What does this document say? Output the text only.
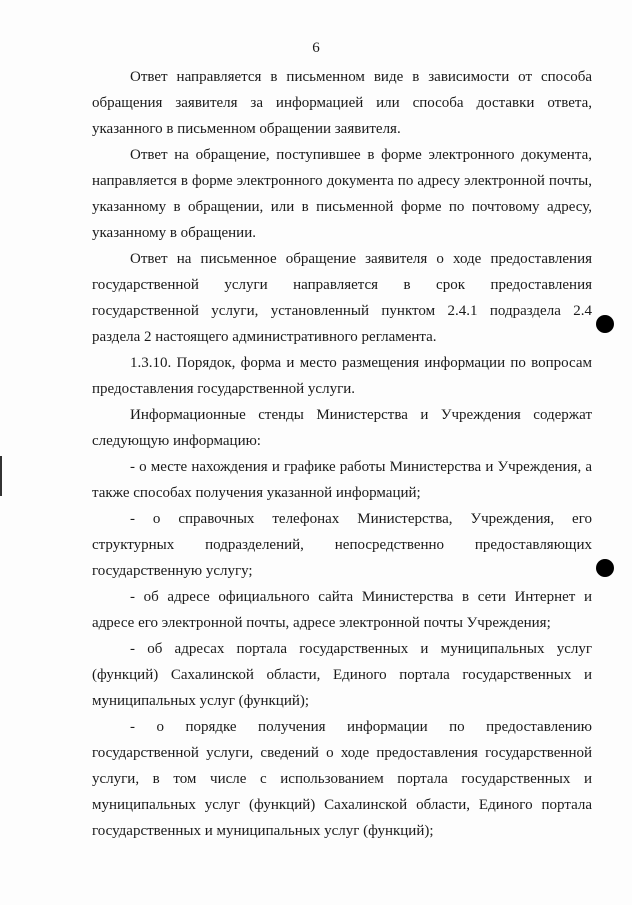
6

Ответ направляется в письменном виде в зависимости от способа обращения заявителя за информацией или способа доставки ответа, указанного в письменном обращении заявителя.

Ответ на обращение, поступившее в форме электронного документа, направляется в форме электронного документа по адресу электронной почты, указанному в обращении, или в письменной форме по почтовому адресу, указанному в обращении.

Ответ на письменное обращение заявителя о ходе предоставления государственной услуги направляется в срок предоставления государственной услуги, установленный пунктом 2.4.1 подраздела 2.4 раздела 2 настоящего административного регламента.

1.3.10. Порядок, форма и место размещения информации по вопросам предоставления государственной услуги.

Информационные стенды Министерства и Учреждения содержат следующую информацию:

- о месте нахождения и графике работы Министерства и Учреждения, а также способах получения указанной информаций;

- о справочных телефонах Министерства, Учреждения, его структурных подразделений, непосредственно предоставляющих государственную услугу;

- об адресе официального сайта Министерства в сети Интернет и адресе его электронной почты, адресе электронной почты Учреждения;

- об адресах портала государственных и муниципальных услуг (функций) Сахалинской области, Единого портала государственных и муниципальных услуг (функций);

- о порядке получения информации по предоставлению государственной услуги, сведений о ходе предоставления государственной услуги, в том числе с использованием портала государственных и муниципальных услуг (функций) Сахалинской области, Единого портала государственных и муниципальных услуг (функций);
